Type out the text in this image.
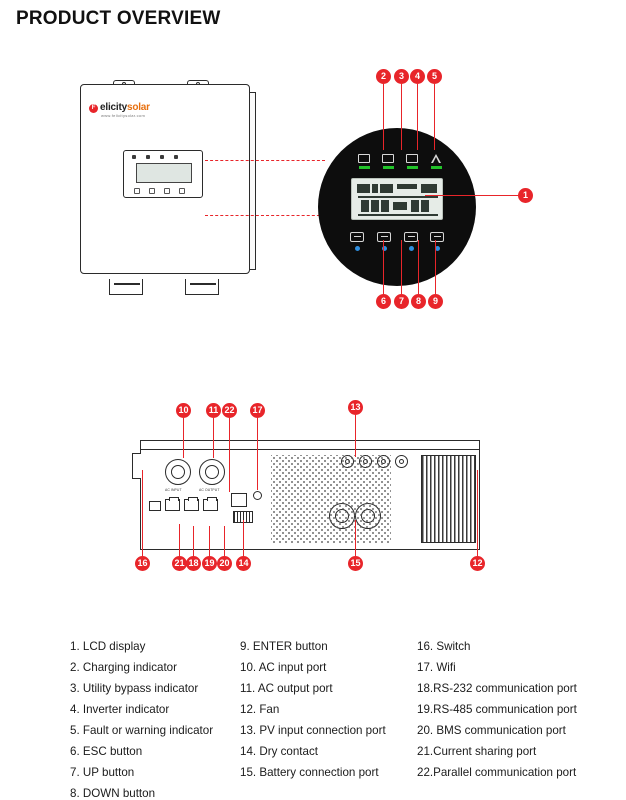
PRODUCT OVERVIEW
F elicitysolar
www.felicitysolar.com
2	3	4	5
1
6	7	8	9
AC INPUT	AC OUTPUT
10	11 22 17	13
16	21 18 19 20 14	15	12
1. LCD display
2. Charging indicator
3. Utility bypass indicator
4. Inverter indicator
5. Fault or warning indicator
6. ESC button
7. UP button
8. DOWN button
9. ENTER button
10. AC input port
11. AC output port
12. Fan
13. PV input connection port
14. Dry contact
15. Battery connection port
16. Switch
17. Wifi
18.RS-232 communication port
19.RS-485 communication port
20. BMS communication port
21.Current sharing port
22.Parallel communication port
